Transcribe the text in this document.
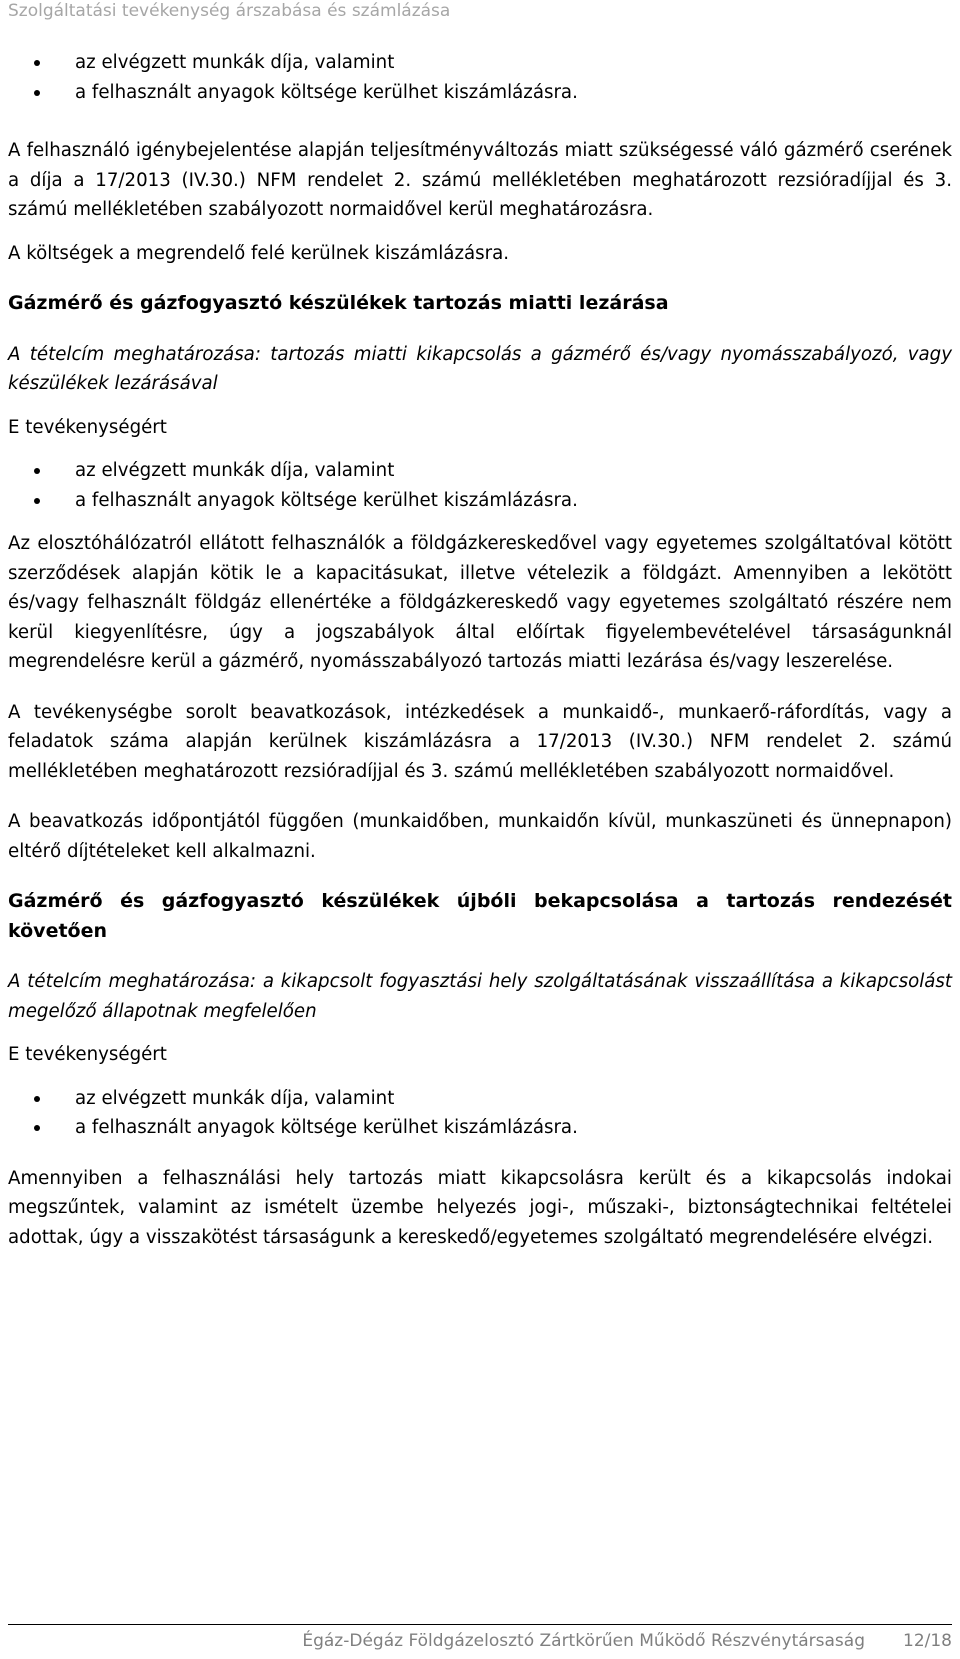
Szolgáltatási tevékenység árszabása és számlázása
az elvégzett munkák díja, valamint
a felhasznált anyagok költsége kerülhet kiszámlázásra.

A felhasználó igénybejelentése alapján teljesítményváltozás miatt szükségessé váló gázmérő cserének a díja a 17/2013 (IV.30.) NFM rendelet 2. számú mellékletében meghatározott rezsióradíjjal és 3. számú mellékletében szabályozott normaidővel kerül meghatározásra.

A költségek a megrendelő felé kerülnek kiszámlázásra.

Gázmérő és gázfogyasztó készülékek tartozás miatti lezárása

A tételcím meghatározása: tartozás miatti kikapcsolás a gázmérő és/vagy nyomásszabályozó, vagy készülékek lezárásával

E tevékenységért

az elvégzett munkák díja, valamint
a felhasznált anyagok költsége kerülhet kiszámlázásra.

Az elosztóhálózatról ellátott felhasználók a földgázkereskedővel vagy egyetemes szolgáltatóval kötött szerződések alapján kötik le a kapacitásukat, illetve vételezik a földgázt. Amennyiben a lekötött és/vagy felhasznált földgáz ellenértéke a földgázkereskedő vagy egyetemes szolgáltató részére nem kerül kiegyenlítésre, úgy a jogszabályok által előírtak figyelembevételével társaságunknál megrendelésre kerül a gázmérő, nyomásszabályozó tartozás miatti lezárása és/vagy leszerelése.

A tevékenységbe sorolt beavatkozások, intézkedések a munkaidő-, munkaerő-ráfordítás, vagy a feladatok száma alapján kerülnek kiszámlázásra a 17/2013 (IV.30.) NFM rendelet 2. számú mellékletében meghatározott rezsióradíjjal és 3. számú mellékletében szabályozott normaidővel.

A beavatkozás időpontjától függően (munkaidőben, munkaidőn kívül, munkaszüneti és ünnepnapon) eltérő díjtételeket kell alkalmazni.

Gázmérő és gázfogyasztó készülékek újbóli bekapcsolása a tartozás rendezését követően

A tételcím meghatározása: a kikapcsolt fogyasztási hely szolgáltatásának visszaállítása a kikapcsolást megelőző állapotnak megfelelően

E tevékenységért

az elvégzett munkák díja, valamint
a felhasznált anyagok költsége kerülhet kiszámlázásra.

Amennyiben a felhasználási hely tartozás miatt kikapcsolásra került és a kikapcsolás indokai megszűntek, valamint az ismételt üzembe helyezés jogi-, műszaki-, biztonságtechnikai feltételei adottak, úgy a visszakötést társaságunk a kereskedő/egyetemes szolgáltató megrendelésére elvégzi.

Égáz-Dégáz Földgázelosztó Zártkörűen Működő Részvénytársaság 12/18
